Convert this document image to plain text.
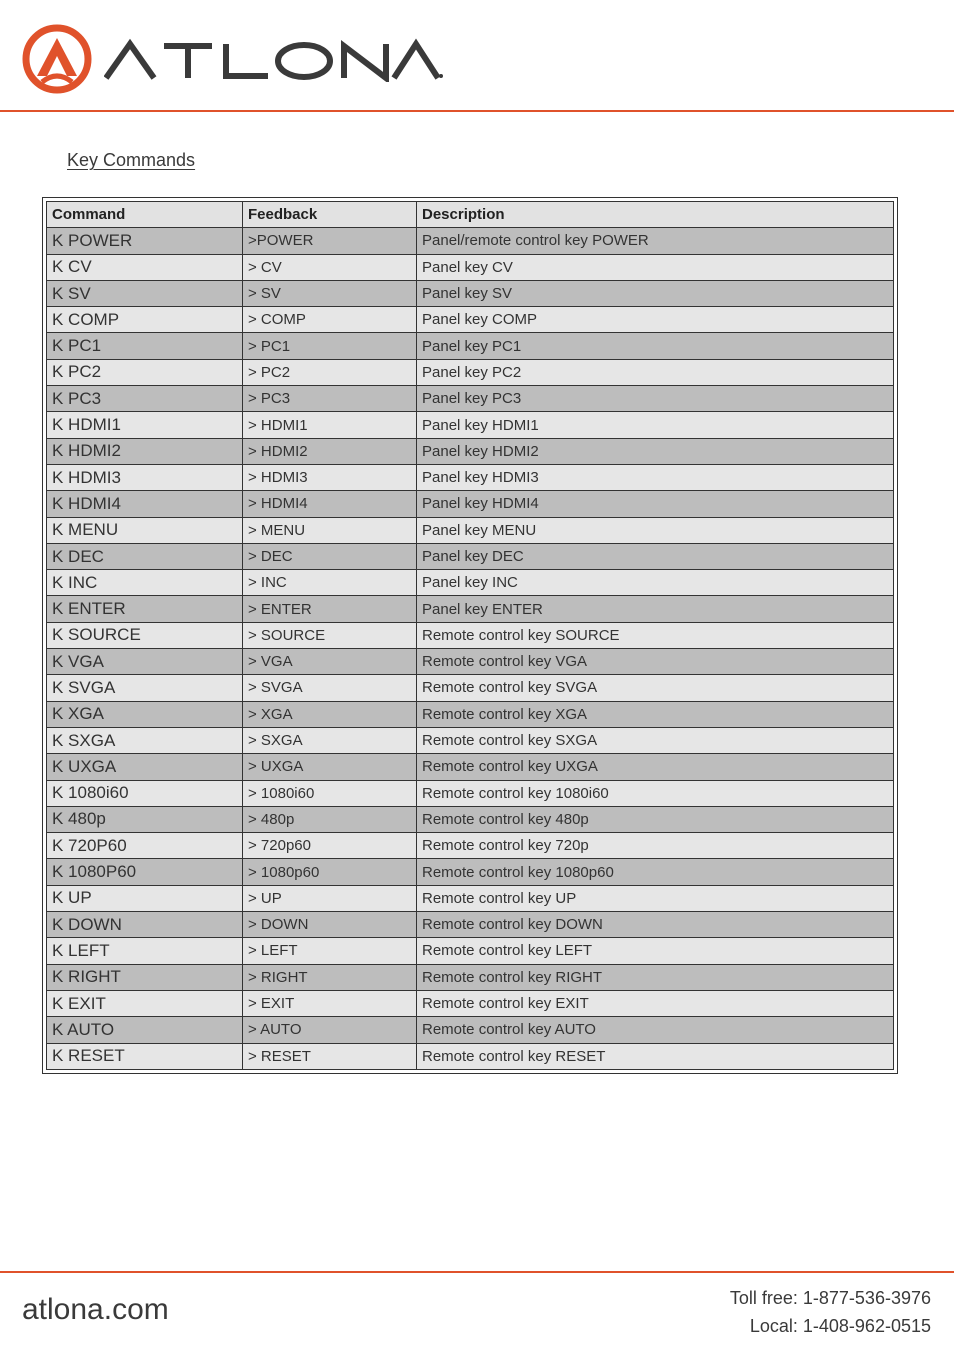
Key Commands
Command	Feedback	Description
K POWER	>POWER	Panel/remote control key POWER
K CV	> CV	Panel key CV
K SV	> SV	Panel key SV
K COMP	> COMP	Panel key COMP
K PC1	> PC1	Panel key PC1
K PC2	> PC2	Panel key PC2
K PC3	> PC3	Panel key PC3
K HDMI1	> HDMI1	Panel key HDMI1
K HDMI2	> HDMI2	Panel key HDMI2
K HDMI3	> HDMI3	Panel key HDMI3
K HDMI4	> HDMI4	Panel key HDMI4
K MENU	> MENU	Panel key MENU
K DEC	> DEC	Panel key DEC
K INC	> INC	Panel key INC
K ENTER	> ENTER	Panel key ENTER
K SOURCE	> SOURCE	Remote control key SOURCE
K VGA	> VGA	Remote control key VGA
K SVGA	> SVGA	Remote control key SVGA
K XGA	> XGA	Remote control key XGA
K SXGA	> SXGA	Remote control key SXGA
K UXGA	> UXGA	Remote control key UXGA
K 1080i60	> 1080i60	Remote control key 1080i60
K 480p	> 480p	Remote control key 480p
K 720P60	> 720p60	Remote control key 720p
K 1080P60	> 1080p60	Remote control key 1080p60
K UP	> UP	Remote control key UP
K DOWN	> DOWN	Remote control key DOWN
K LEFT	> LEFT	Remote control key LEFT
K RIGHT	> RIGHT	Remote control key RIGHT
K EXIT	> EXIT	Remote control key EXIT
K AUTO	> AUTO	Remote control key AUTO
K RESET	> RESET	Remote control key RESET
atlona.com	Toll free: 1-877-536-3976
Local: 1-408-962-0515
